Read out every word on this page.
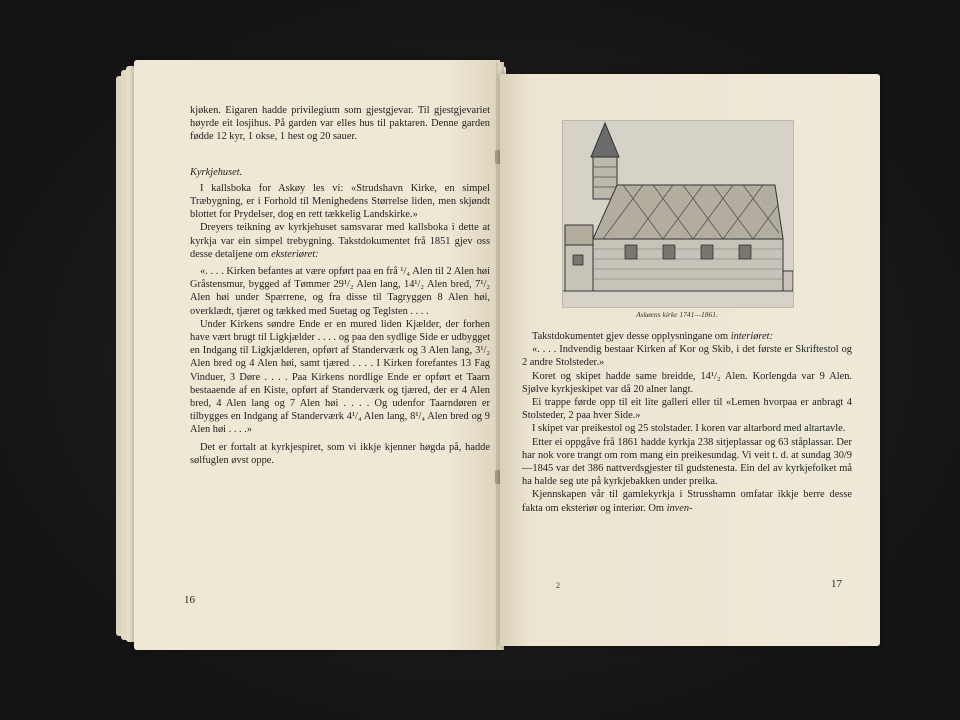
kjøken. Eigaren hadde privilegium som gjestgjevar. Til gjestgjevariet høyrde eit losjihus. På garden var elles hus til paktaren. Denne garden fødde 12 kyr, 1 okse, 1 hest og 20 sauer.

Kyrkjehuset.

I kallsboka for Askøy les vi: «Strudshavn Kirke, en simpel Træbygning, er i Forhold til Menighedens Størrelse liden, men skjøndt blottet for Prydelser, dog en rett tækkelig Landskirke.»

Dreyers teikning av kyrkjehuset samsvarar med kallsboka i dette at kyrkja var ein simpel trebygning. Takstdokumentet frå 1851 gjev oss desse detaljene om eksteriøret:

«. . . . Kirken befantes at være opført paa en frå ¹/₄ Alen til 2 Alen høi Gråstensmur, bygged af Tømmer 29¹/₂ Alen lang, 14¹/₂ Alen bred, 7¹/₂ Alen høi under Spærrene, og fra disse til Tagryggen 8 Alen høi, overklædt, tjæret og tækked med Suetag og Teglsten . . . .

Under Kirkens søndre Ende er en mured liden Kjælder, der forhen have vært brugt til Ligkjælder . . . . og paa den sydlige Side er udbygget en Indgang til Ligkjælderen, opført af Standerværk og 3 Alen lang, 3¹/₂ Alen bred og 4 Alen høi, samt tjæred . . . . I Kirken forefantes 13 Fag Vinduer, 3 Døre . . . . Paa Kirkens nordlige Ende er opført et Taarn bestaaende af en Kiste, opført af Standerværk og tjæred, der er 4 Alen bred, 4 Alen lang og 7 Alen høi . . . . Og udenfor Taarndøren er tilbygges en Indgang af Standerværk 4¹/₄ Alen lang, 8¹/₄ Alen bred og 9 Alen høi . . . .»

Det er fortalt at kyrkjespiret, som vi ikkje kjenner høgda på, hadde sølfuglen øvst oppe.

16
Askøens kirke 1741—1861.

Takstdokumentet gjev desse opplysningane om interiøret:

«. . . . Indvendig bestaar Kirken af Kor og Skib, i det første er Skriftestol og 2 andre Stolsteder.»

Koret og skipet hadde same breidde, 14¹/₂ Alen. Korlengda var 9 Alen. Sjølve kyrkjeskipet var då 20 alner langt.

Ei trappe førde opp til eit lite galleri eller til «Lemen hvorpaa er anbragt 4 Stolsteder, 2 paa hver Side.»

I skipet var preikestol og 25 stolstader. I koren var altarbord med altartavle.

Etter ei oppgåve frå 1861 hadde kyrkja 238 sitjeplassar og 63 ståplassar. Der har nok vore trangt om rom mang ein preikesundag. Vi veit t. d. at sundag 30/9—1845 var det 386 nattverdsgjester til gudstenesta. Ein del av kyrkjefolket må ha halde seg ute på kyrkjebakken under preika.

Kjennskapen vår til gamlekyrkja i Strusshamn omfatar ikkje berre desse fakta om eksteriør og interiør. Om inven-

2	17
